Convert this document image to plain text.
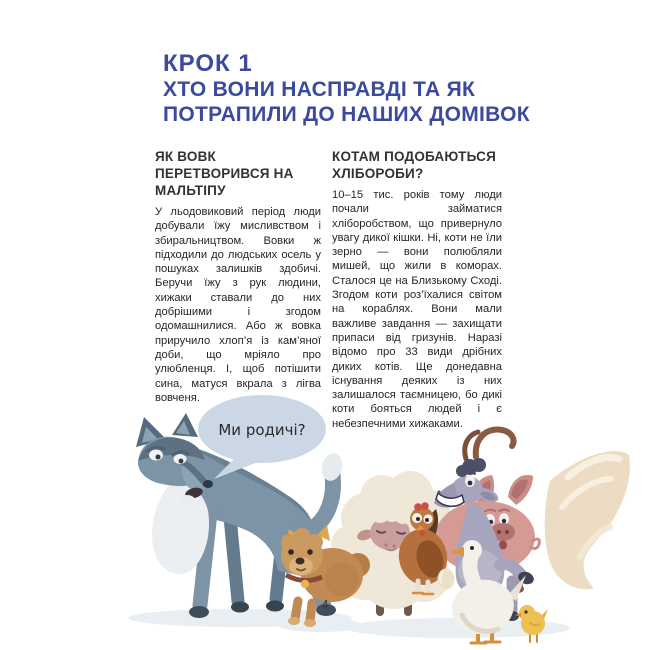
КРОК 1
ХТО ВОНИ НАСПРАВДІ ТА ЯК
ПОТРАПИЛИ ДО НАШИХ ДОМІВОК
ЯК ВОВК ПЕРЕТВОРИВСЯ НА МАЛЬТІПУ

У льодовиковий період люди добували їжу мисливством і збиральництвом. Вовки ж підходили до людських осель у пошуках залишків здобичі. Беручи їжу з рук людини, хижаки ставали до них добрішими і згодом одомашнилися. Або ж вовка приручило хлоп’я із кам’яної доби, що мріяло про улюбленця. І, щоб потішити сина, матуся вкрала з лігва вовченя.

КОТАМ ПОДОБАЮТЬСЯ ХЛІБОРОБИ?

10–15 тис. років тому люди почали займатися хліборобством, що привернуло увагу дикої кішки. Ні, коти не їли зерно — вони полюбляли мишей, що жили в коморах. Сталося це на Близькому Сході. Згодом коти роз’їхалися світом на кораблях. Вони мали важливе завдання — захищати припаси від гризунів. Наразі відомо про 33 види дрібних диких котів. Ще донедавна існування деяких із них залишалося таємницею, бо дикі коти бояться людей і є небезпечними хижаками.

Ми родичі?
4
